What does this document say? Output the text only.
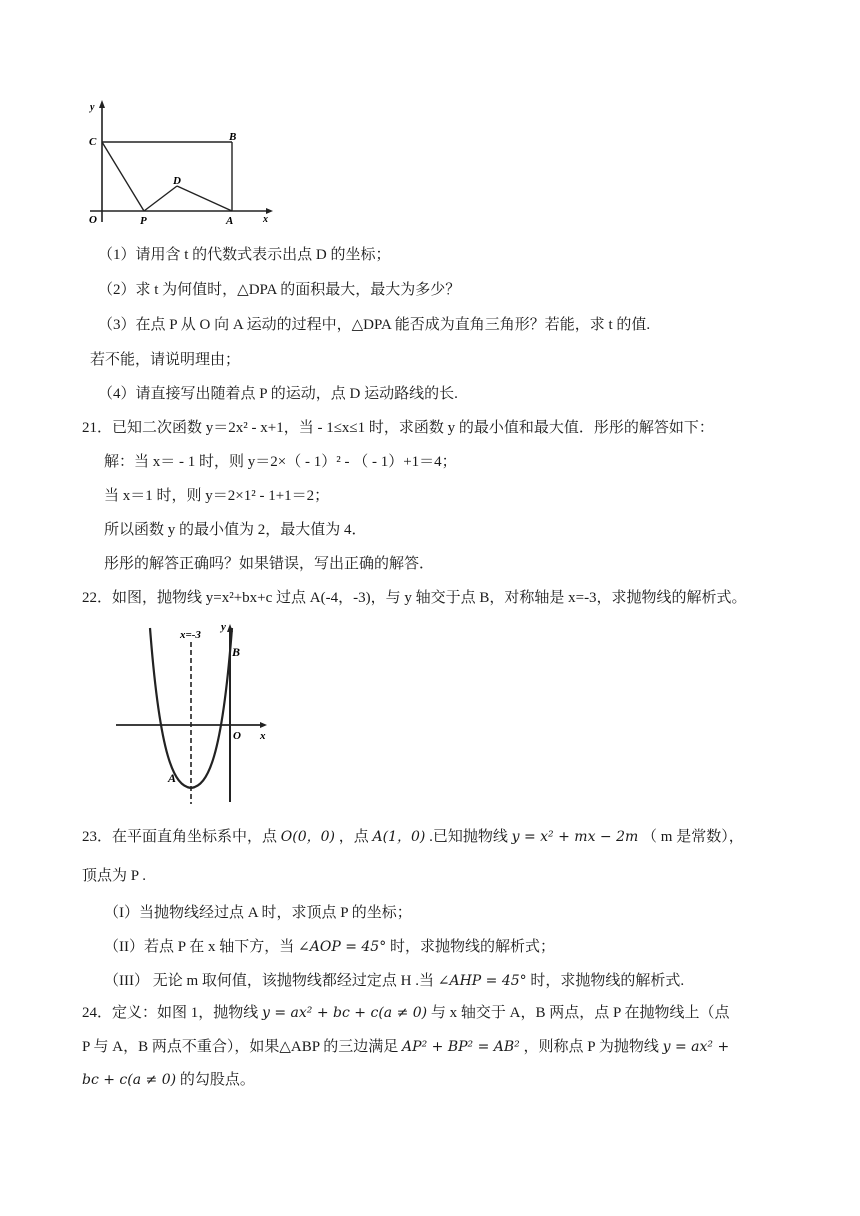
y
C	B
D
O	P	A	x
（1）请用含 t 的代数式表示出点 D 的坐标；
（2）求 t 为何值时，△DPA 的面积最大，最大为多少？
（3）在点 P 从 O 向 A 运动的过程中，△DPA 能否成为直角三角形？若能，求 t 的值.
若不能，请说明理由；
（4）请直接写出随着点 P 的运动，点 D 运动路线的长.
21．已知二次函数 y＝2x² - x+1，当 - 1≤x≤1 时，求函数 y 的最小值和最大值．彤彤的解答如下：
解：当 x＝ - 1 时，则 y＝2×（ - 1）² - （ - 1）+1＝4；
当 x＝1 时，则 y＝2×1² - 1+1＝2；
所以函数 y 的最小值为 2，最大值为 4．
彤彤的解答正确吗？如果错误，写出正确的解答．
22．如图，抛物线 y=x²+bx+c 过点 A(-4，-3)，与 y 轴交于点 B，对称轴是 x=-3，求抛物线的解析式。
x=-3
y
B
O x
A
23．在平面直角坐标系中，点 O(0，0) ，点 A(1，0) .已知抛物线 y = x² + mx − 2m （ m 是常数），
顶点为 P .
（I）当抛物线经过点 A 时，求顶点 P 的坐标；
（II）若点 P 在 x 轴下方，当 ∠AOP = 45° 时，求抛物线的解析式；
（III） 无论 m 取何值，该抛物线都经过定点 H .当 ∠AHP = 45° 时，求抛物线的解析式.
24．定义：如图 1，抛物线 y = ax² + bc + c(a ≠ 0) 与 x 轴交于 A，B 两点，点 P 在抛物线上（点
P 与 A，B 两点不重合），如果△ABP 的三边满足 AP² + BP² = AB² ，则称点 P 为抛物线 y = ax² +
bc + c(a ≠ 0) 的勾股点。
